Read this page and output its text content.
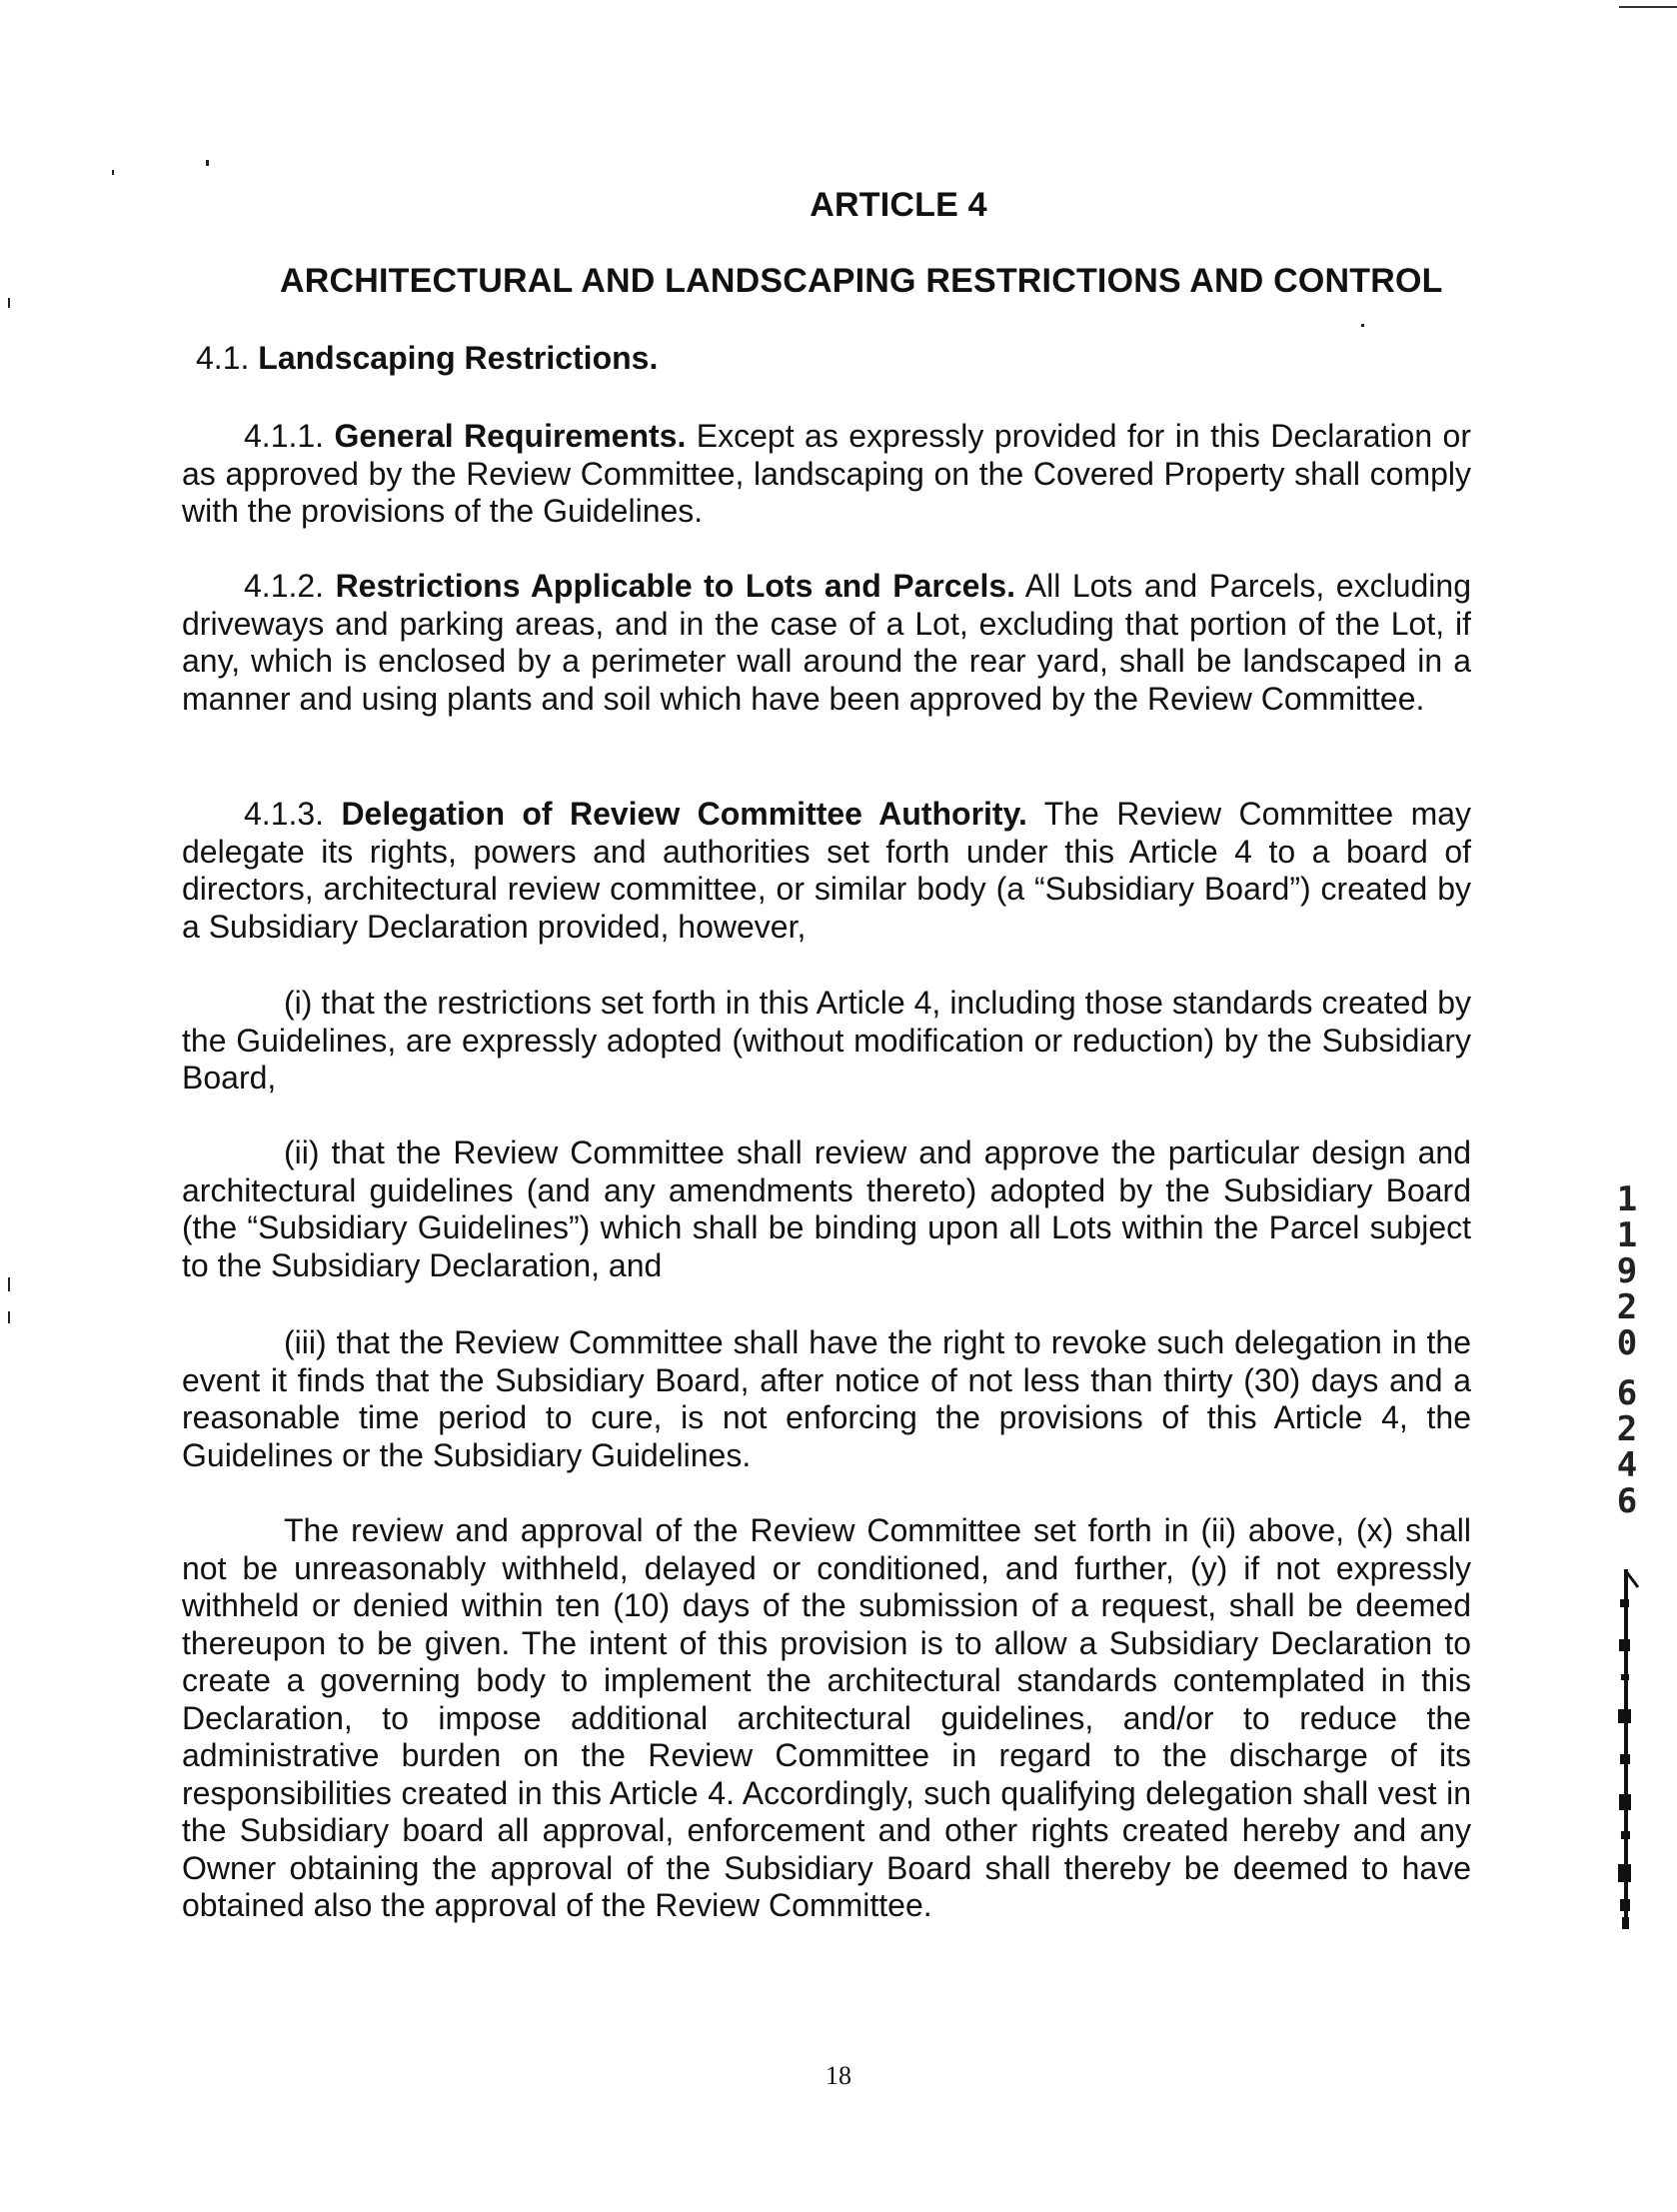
ARTICLE 4
ARCHITECTURAL AND LANDSCAPING RESTRICTIONS AND CONTROL
4.1. Landscaping Restrictions.
4.1.1. General Requirements. Except as expressly provided for in this Declaration or as approved by the Review Committee, landscaping on the Covered Property shall comply with the provisions of the Guidelines.
4.1.2. Restrictions Applicable to Lots and Parcels. All Lots and Parcels, excluding driveways and parking areas, and in the case of a Lot, excluding that portion of the Lot, if any, which is enclosed by a perimeter wall around the rear yard, shall be landscaped in a manner and using plants and soil which have been approved by the Review Committee.
4.1.3. Delegation of Review Committee Authority. The Review Committee may delegate its rights, powers and authorities set forth under this Article 4 to a board of directors, architectural review committee, or similar body (a “Subsidiary Board”) created by a Subsidiary Declaration provided, however,
(i) that the restrictions set forth in this Article 4, including those standards created by the Guidelines, are expressly adopted (without modification or reduction) by the Subsidiary Board,
(ii) that the Review Committee shall review and approve the particular design and architectural guidelines (and any amendments thereto) adopted by the Subsidiary Board (the “Subsidiary Guidelines”) which shall be binding upon all Lots within the Parcel subject to the Subsidiary Declaration, and
(iii) that the Review Committee shall have the right to revoke such delegation in the event it finds that the Subsidiary Board, after notice of not less than thirty (30) days and a reasonable time period to cure, is not enforcing the provisions of this Article 4, the Guidelines or the Subsidiary Guidelines.
The review and approval of the Review Committee set forth in (ii) above, (x) shall not be unreasonably withheld, delayed or conditioned, and further, (y) if not expressly withheld or denied within ten (10) days of the submission of a request, shall be deemed thereupon to be given. The intent of this provision is to allow a Subsidiary Declaration to create a governing body to implement the architectural standards contemplated in this Declaration, to impose additional architectural guidelines, and/or to reduce the administrative burden on the Review Committee in regard to the discharge of its responsibilities created in this Article 4. Accordingly, such qualifying delegation shall vest in the Subsidiary board all approval, enforcement and other rights created hereby and any Owner obtaining the approval of the Subsidiary Board shall thereby be deemed to have obtained also the approval of the Review Committee.
18
1
1
9
2
0
6
2
4
6
